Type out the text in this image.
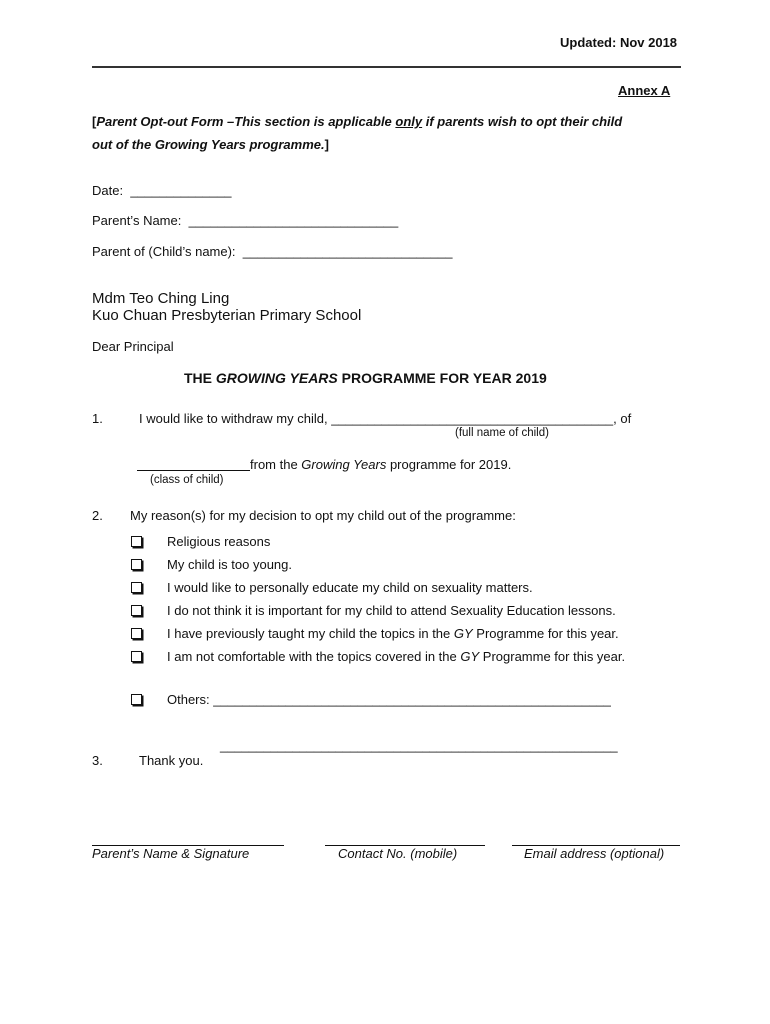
Updated: Nov 2018
Annex A
[Parent Opt-out Form –This section is applicable only if parents wish to opt their child
out of the Growing Years programme.]
Date: ______________
Parent’s Name: _____________________________
Parent of (Child’s name): _____________________________
Mdm Teo Ching Ling
Kuo Chuan Presbyterian Primary School
Dear Principal
THE GROWING YEARS PROGRAMME FOR YEAR 2019
1.	I would like to withdraw my child, _______________________________________, of
(full name of child)
from the Growing Years programme for 2019.
(class of child)
2. My reason(s) for my decision to opt my child out of the programme:
Religious reasons
My child is too young.
I would like to personally educate my child on sexuality matters.
I do not think it is important for my child to attend Sexuality Education lessons.
I have previously taught my child the topics in the GY Programme for this year.
I am not comfortable with the topics covered in the GY Programme for this year.
Others: _______________________________________________________
_______________________________________________________
3.	Thank you.
Parent’s Name & Signature	Contact No. (mobile)	Email address (optional)
